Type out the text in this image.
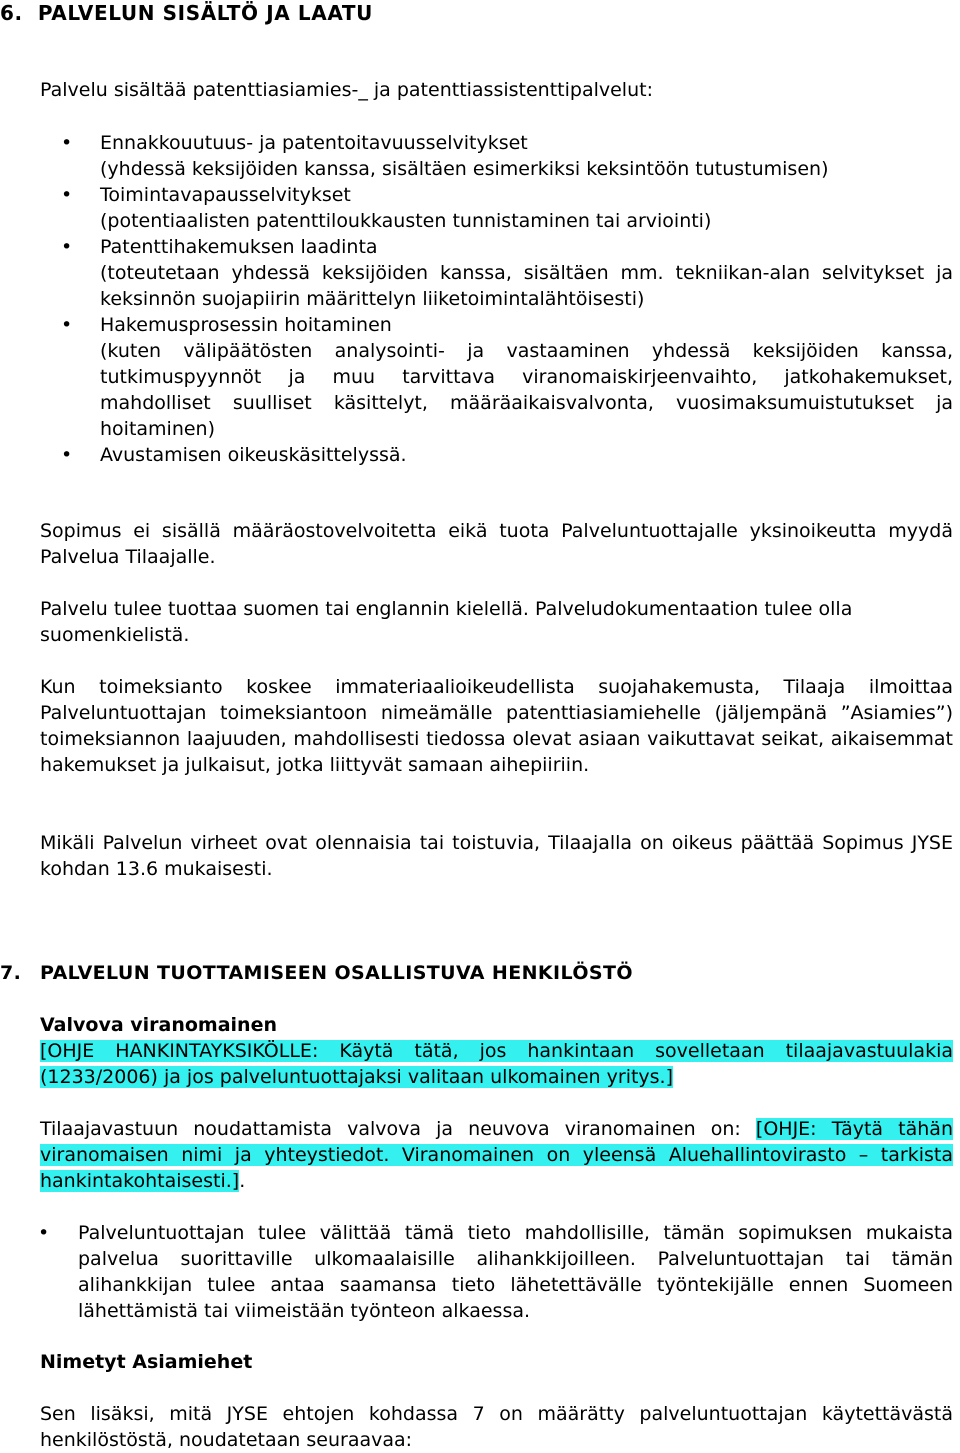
6.  PALVELUN SISÄLTÖ JA LAATU
Palvelu sisältää patenttiasiamies-_ ja patenttiassistenttipalvelut:
• Ennakkouutuus- ja patentoitavuusselvitykset
(yhdessä keksijöiden kanssa, sisältäen esimerkiksi keksintöön tutustumisen)
• Toimintavapausselvitykset
(potentiaalisten patenttiloukkausten tunnistaminen tai arviointi)
• Patenttihakemuksen laadinta
(toteutetaan yhdessä keksijöiden kanssa, sisältäen mm. tekniikan-alan selvitykset ja keksinnön suojapiirin määrittelyn liiketoimintalähtöisesti)
• Hakemusprosessin hoitaminen
(kuten välipäätösten analysointi- ja vastaaminen yhdessä keksijöiden kanssa, tutkimuspyynnöt ja muu tarvittava viranomaiskirjeenvaihto, jatkohakemukset, mahdolliset suulliset käsittelyt, määräaikaisvalvonta, vuosimaksumuistutukset ja hoitaminen)
• Avustamisen oikeuskäsittelyssä.
Sopimus ei sisällä määräostovelvoitetta eikä tuota Palveluntuottajalle yksinoikeutta myydä Palvelua Tilaajalle.
Palvelu tulee tuottaa suomen tai englannin kielellä. Palveludokumentaation tulee olla suomenkielistä.
Kun toimeksianto koskee immateriaalioikeudellista suojahakemusta, Tilaaja ilmoittaa Palveluntuottajan toimeksiantoon nimeämälle patenttiasiamiehelle (jäljempänä ”Asiamies”) toimeksiannon laajuuden, mahdollisesti tiedossa olevat asiaan vaikuttavat seikat, aikaisemmat hakemukset ja julkaisut, jotka liittyvät samaan aihepiiriin.
Mikäli Palvelun virheet ovat olennaisia tai toistuvia, Tilaajalla on oikeus päättää Sopimus JYSE kohdan 13.6 mukaisesti.
7. PALVELUN TUOTTAMISEEN OSALLISTUVA HENKILÖSTÖ
Valvova viranomainen
[OHJE HANKINTAYKSIKÖLLE: Käytä tätä, jos hankintaan sovelletaan tilaajavastuulakia (1233/2006) ja jos palveluntuottajaksi valitaan ulkomainen yritys.]
Tilaajavastuun noudattamista valvova ja neuvova viranomainen on: [OHJE: Täytä tähän viranomaisen nimi ja yhteystiedot. Viranomainen on yleensä Aluehallintovirasto – tarkista hankintakohtaisesti.].
• Palveluntuottajan tulee välittää tämä tieto mahdollisille, tämän sopimuksen mukaista palvelua suorittaville ulkomaalaisille alihankkijoilleen. Palveluntuottajan tai tämän alihankkijan tulee antaa saamansa tieto lähetettävälle työntekijälle ennen Suomeen lähettämistä tai viimeistään työnteon alkaessa.
Nimetyt Asiamiehet
Sen lisäksi, mitä JYSE ehtojen kohdassa 7 on määrätty palveluntuottajan käytettävästä henkilöstöstä, noudatetaan seuraavaa:
